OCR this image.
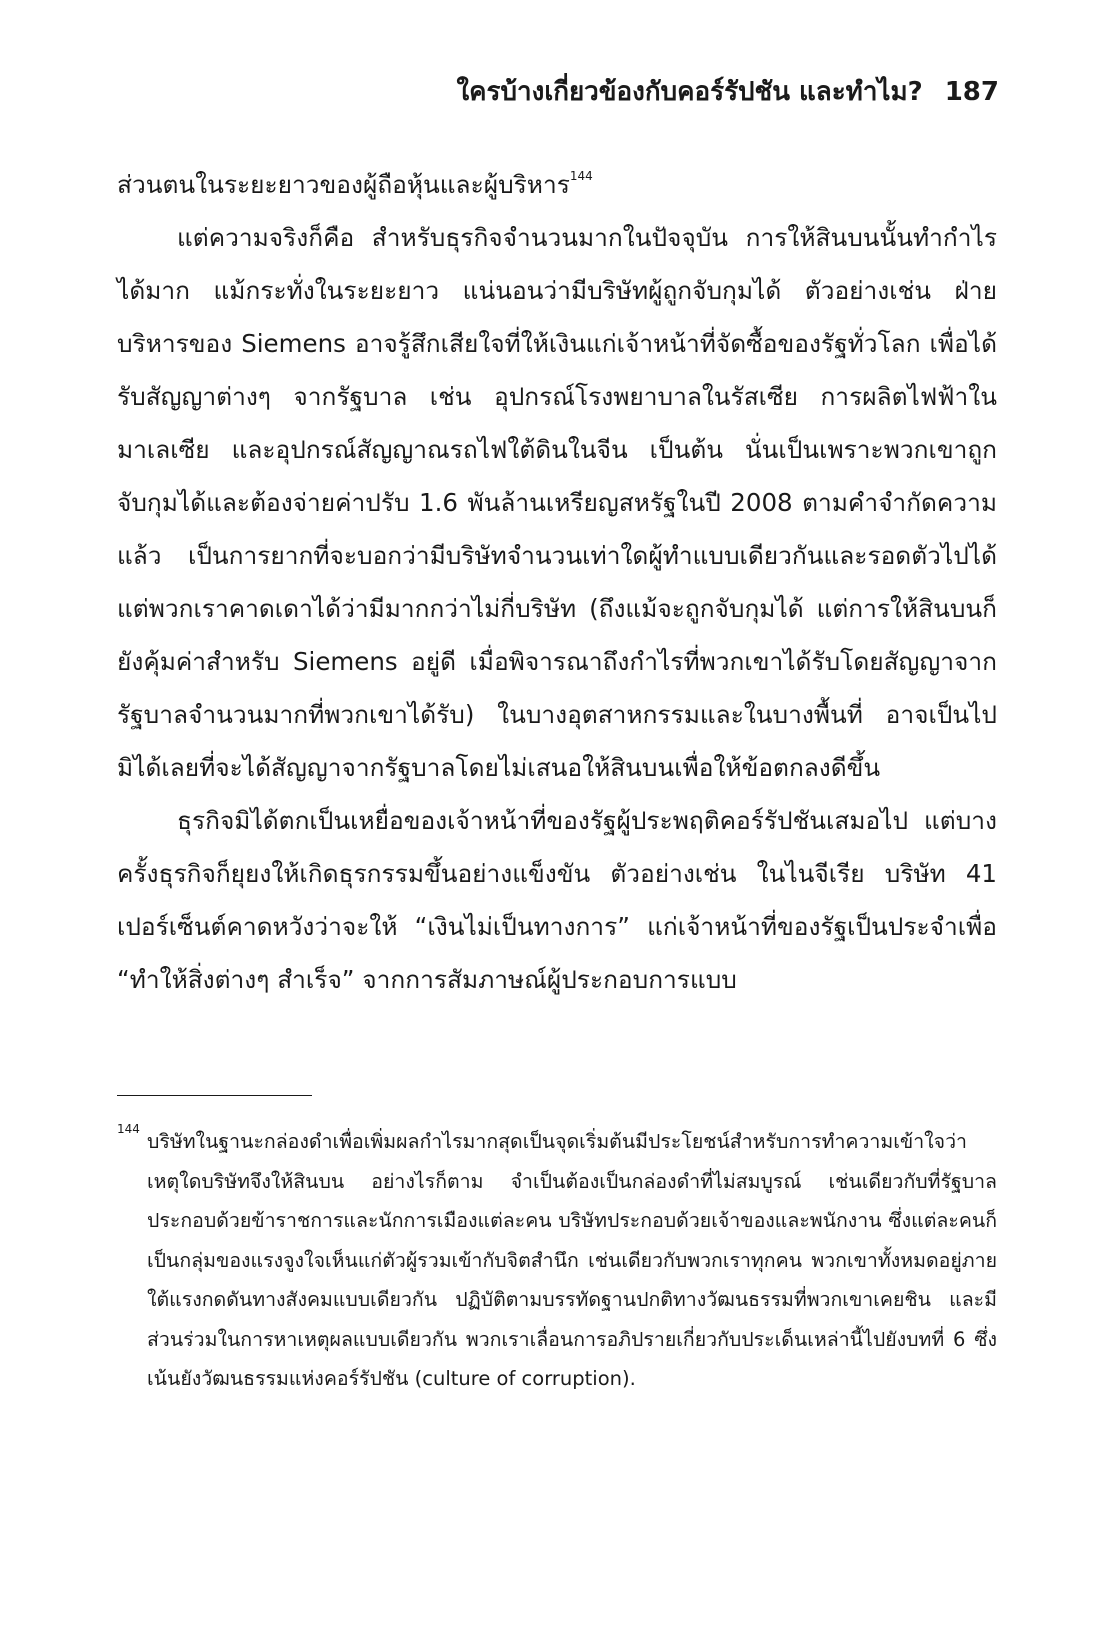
ใครบ้างเกี่ยวข้องกับคอร์รัปชัน และทำไม? 187

ส่วนตนในระยะยาวของผู้ถือหุ้นและผู้บริหาร$^{144}$

แต่ความจริงก็คือ สำหรับธุรกิจจำนวนมากในปัจจุบัน การให้สินบนนั้นทำกำไรได้มาก แม้กระทั่งในระยะยาว แน่นอนว่ามีบริษัทผู้ถูกจับกุมได้ ตัวอย่างเช่น ฝ่ายบริหารของ Siemens อาจรู้สึกเสียใจที่ให้เงินแก่เจ้าหน้าที่จัดซื้อของรัฐทั่วโลก เพื่อได้รับสัญญาต่างๆ จากรัฐบาล เช่น อุปกรณ์โรงพยาบาลในรัสเซีย การผลิตไฟฟ้าในมาเลเซีย และอุปกรณ์สัญญาณรถไฟใต้ดินในจีน เป็นต้น นั่นเป็นเพราะพวกเขาถูกจับกุมได้และต้องจ่ายค่าปรับ 1.6 พันล้านเหรียญสหรัฐในปี 2008 ตามคำจำกัดความแล้ว เป็นการยากที่จะบอกว่ามีบริษัทจำนวนเท่าใดผู้ทำแบบเดียวกันและรอดตัวไปได้ แต่พวกเราคาดเดาได้ว่ามีมากกว่าไม่กี่บริษัท (ถึงแม้จะถูกจับกุมได้ แต่การให้สินบนก็ยังคุ้มค่าสำหรับ Siemens อยู่ดี เมื่อพิจารณาถึงกำไรที่พวกเขาได้รับโดยสัญญาจากรัฐบาลจำนวนมากที่พวกเขาได้รับ) ในบางอุตสาหกรรมและในบางพื้นที่ อาจเป็นไปมิได้เลยที่จะได้สัญญาจากรัฐบาลโดยไม่เสนอให้สินบนเพื่อให้ข้อตกลงดีขึ้น

ธุรกิจมิได้ตกเป็นเหยื่อของเจ้าหน้าที่ของรัฐผู้ประพฤติคอร์รัปชันเสมอไป แต่บางครั้งธุรกิจก็ยุยงให้เกิดธุรกรรมขึ้นอย่างแข็งขัน ตัวอย่างเช่น ในไนจีเรีย บริษัท 41 เปอร์เซ็นต์คาดหวังว่าจะให้ “เงินไม่เป็นทางการ” แก่เจ้าหน้าที่ของรัฐเป็นประจำเพื่อ “ทำให้สิ่งต่างๆ สำเร็จ” จากการสัมภาษณ์ผู้ประกอบการแบบ

144
บริษัทในฐานะกล่องดำเพื่อเพิ่มผลกำไรมากสุดเป็นจุดเริ่มต้นมีประโยชน์สำหรับการทำความเข้าใจว่าเหตุใดบริษัทจึงให้สินบน อย่างไรก็ตาม จำเป็นต้องเป็นกล่องดำที่ไม่สมบูรณ์ เช่นเดียวกับที่รัฐบาลประกอบด้วยข้าราชการและนักการเมืองแต่ละคน บริษัทประกอบด้วยเจ้าของและพนักงาน ซึ่งแต่ละคนก็เป็นกลุ่มของแรงจูงใจเห็นแก่ตัวผู้รวมเข้ากับจิตสำนึก เช่นเดียวกับพวกเราทุกคน พวกเขาทั้งหมดอยู่ภายใต้แรงกดดันทางสังคมแบบเดียวกัน ปฏิบัติตามบรรทัดฐานปกติทางวัฒนธรรมที่พวกเขาเคยชิน และมีส่วนร่วมในการหาเหตุผลแบบเดียวกัน พวกเราเลื่อนการอภิปรายเกี่ยวกับประเด็นเหล่านี้ไปยังบทที่ 6 ซึ่งเน้นยังวัฒนธรรมแห่งคอร์รัปชัน (culture of corruption).
